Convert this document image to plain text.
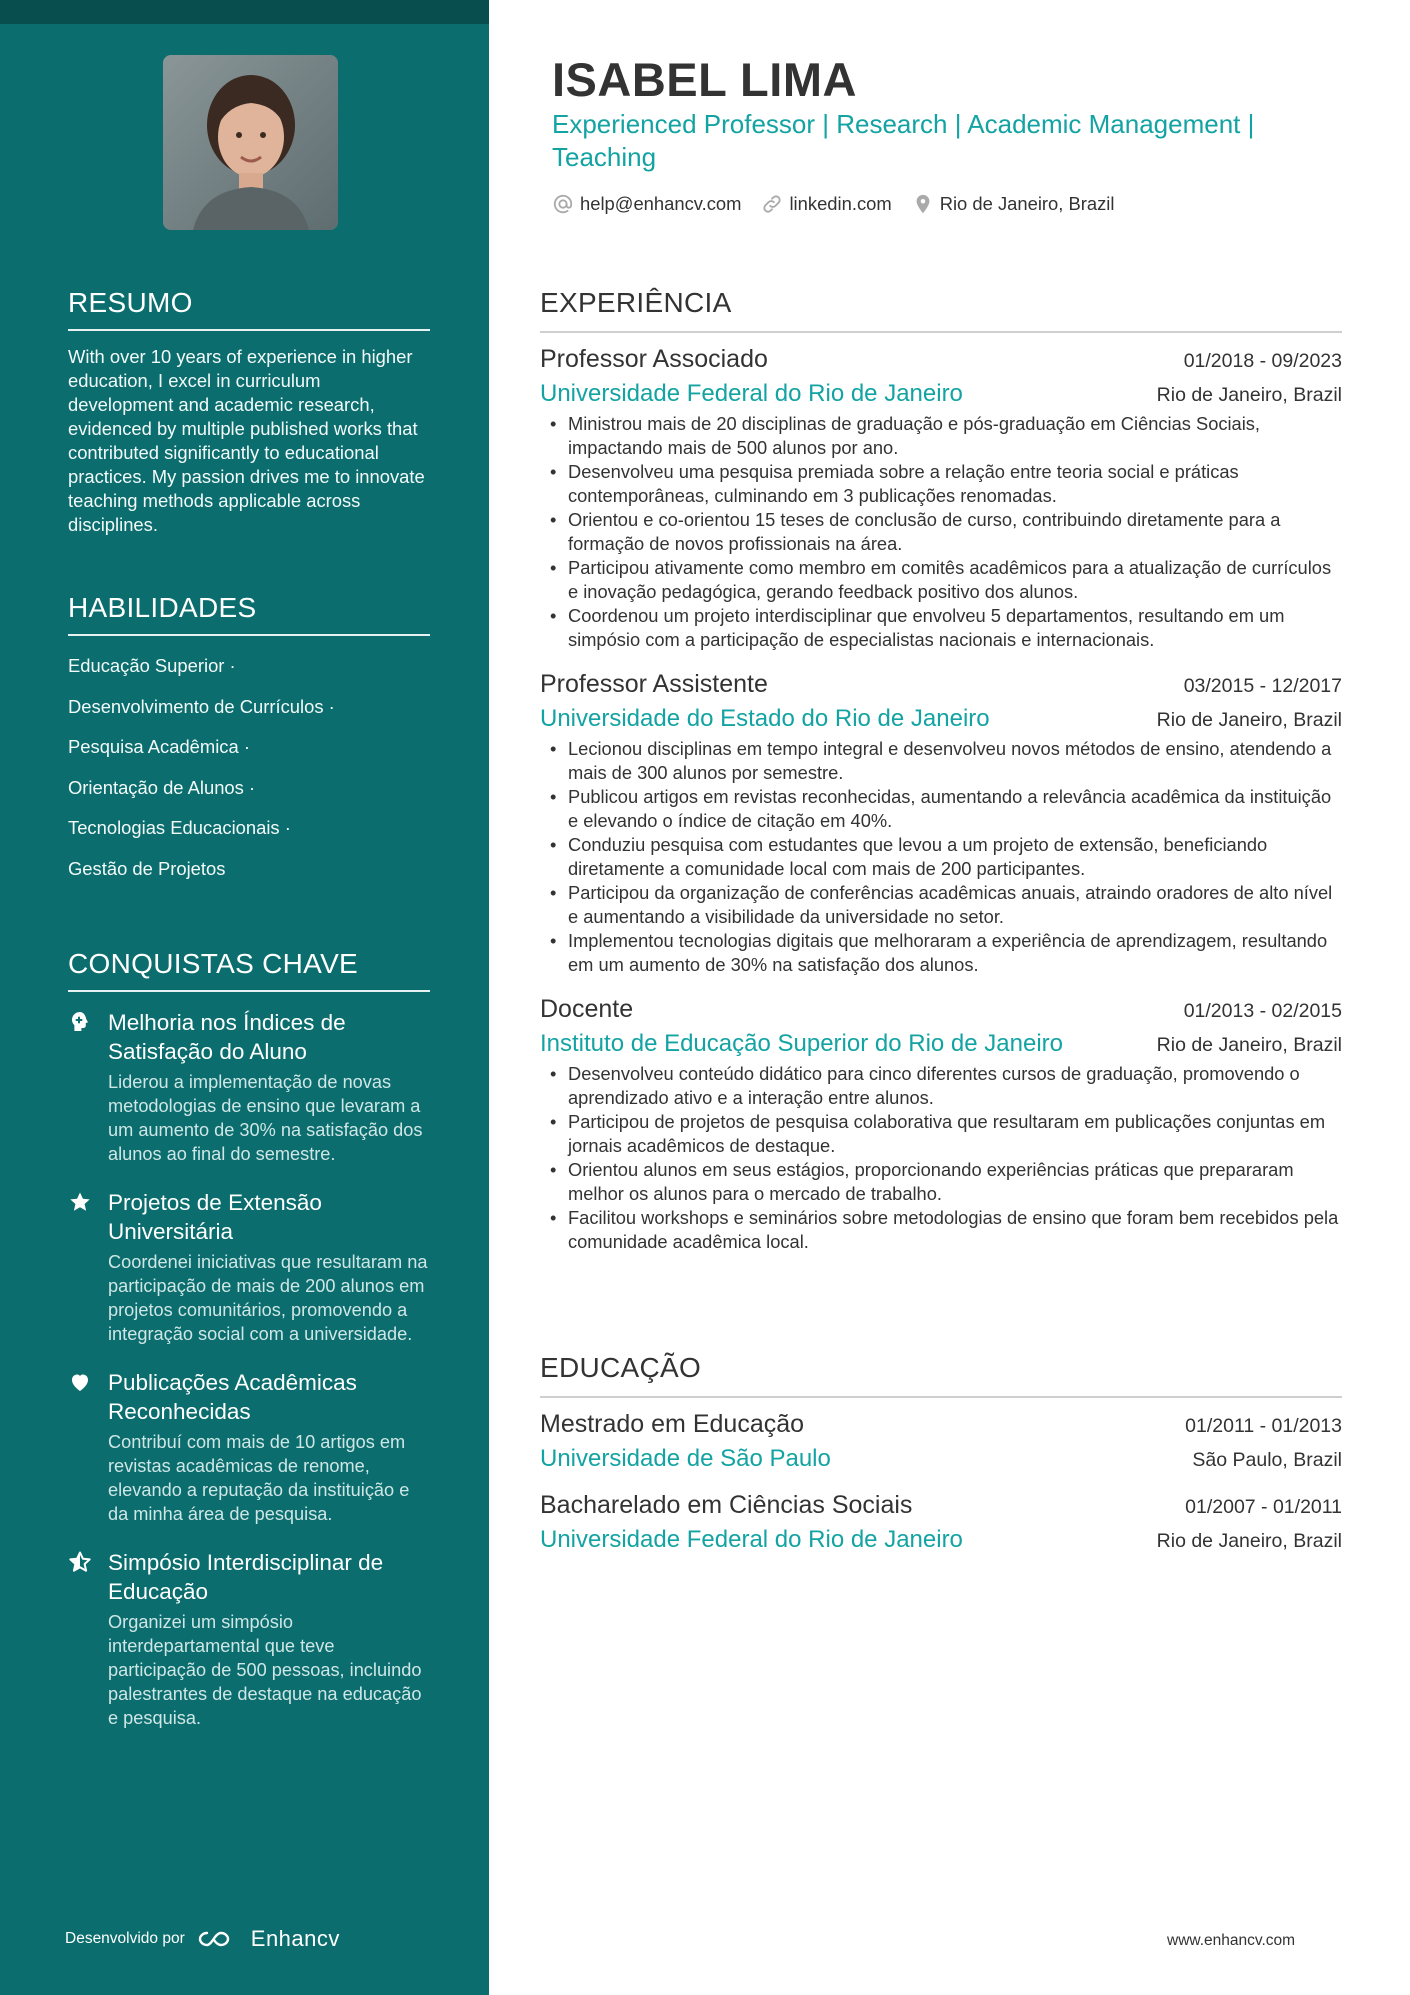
RESUMO
With over 10 years of experience in higher education, I excel in curriculum development and academic research, evidenced by multiple published works that contributed significantly to educational practices. My passion drives me to innovate teaching methods applicable across disciplines.
HABILIDADES
Educação Superior ·
Desenvolvimento de Currículos ·
Pesquisa Acadêmica ·
Orientação de Alunos ·
Tecnologias Educacionais ·
Gestão de Projetos
CONQUISTAS CHAVE
Melhoria nos Índices de Satisfação do Aluno
Liderou a implementação de novas metodologias de ensino que levaram a um aumento de 30% na satisfação dos alunos ao final do semestre.
Projetos de Extensão Universitária
Coordenei iniciativas que resultaram na participação de mais de 200 alunos em projetos comunitários, promovendo a integração social com a universidade.
Publicações Acadêmicas Reconhecidas
Contribuí com mais de 10 artigos em revistas acadêmicas de renome, elevando a reputação da instituição e da minha área de pesquisa.
Simpósio Interdisciplinar de Educação
Organizei um simpósio interdepartamental que teve participação de 500 pessoas, incluindo palestrantes de destaque na educação e pesquisa.
Desenvolvido por	Enhancv
ISABEL LIMA
Experienced Professor | Research | Academic Management | Teaching
help@enhancv.com	linkedin.com	Rio de Janeiro, Brazil
EXPERIÊNCIA
Professor Associado	01/2018 - 09/2023
Universidade Federal do Rio de Janeiro	Rio de Janeiro, Brazil
• Ministrou mais de 20 disciplinas de graduação e pós-graduação em Ciências Sociais, impactando mais de 500 alunos por ano.
• Desenvolveu uma pesquisa premiada sobre a relação entre teoria social e práticas contemporâneas, culminando em 3 publicações renomadas.
• Orientou e co-orientou 15 teses de conclusão de curso, contribuindo diretamente para a formação de novos profissionais na área.
• Participou ativamente como membro em comitês acadêmicos para a atualização de currículos e inovação pedagógica, gerando feedback positivo dos alunos.
• Coordenou um projeto interdisciplinar que envolveu 5 departamentos, resultando em um simpósio com a participação de especialistas nacionais e internacionais.
Professor Assistente	03/2015 - 12/2017
Universidade do Estado do Rio de Janeiro	Rio de Janeiro, Brazil
• Lecionou disciplinas em tempo integral e desenvolveu novos métodos de ensino, atendendo a mais de 300 alunos por semestre.
• Publicou artigos em revistas reconhecidas, aumentando a relevância acadêmica da instituição e elevando o índice de citação em 40%.
• Conduziu pesquisa com estudantes que levou a um projeto de extensão, beneficiando diretamente a comunidade local com mais de 200 participantes.
• Participou da organização de conferências acadêmicas anuais, atraindo oradores de alto nível e aumentando a visibilidade da universidade no setor.
• Implementou tecnologias digitais que melhoraram a experiência de aprendizagem, resultando em um aumento de 30% na satisfação dos alunos.
Docente	01/2013 - 02/2015
Instituto de Educação Superior do Rio de Janeiro	Rio de Janeiro, Brazil
• Desenvolveu conteúdo didático para cinco diferentes cursos de graduação, promovendo o aprendizado ativo e a interação entre alunos.
• Participou de projetos de pesquisa colaborativa que resultaram em publicações conjuntas em jornais acadêmicos de destaque.
• Orientou alunos em seus estágios, proporcionando experiências práticas que prepararam melhor os alunos para o mercado de trabalho.
• Facilitou workshops e seminários sobre metodologias de ensino que foram bem recebidos pela comunidade acadêmica local.
EDUCAÇÃO
Mestrado em Educação	01/2011 - 01/2013
Universidade de São Paulo	São Paulo, Brazil
Bacharelado em Ciências Sociais	01/2007 - 01/2011
Universidade Federal do Rio de Janeiro	Rio de Janeiro, Brazil
www.enhancv.com
